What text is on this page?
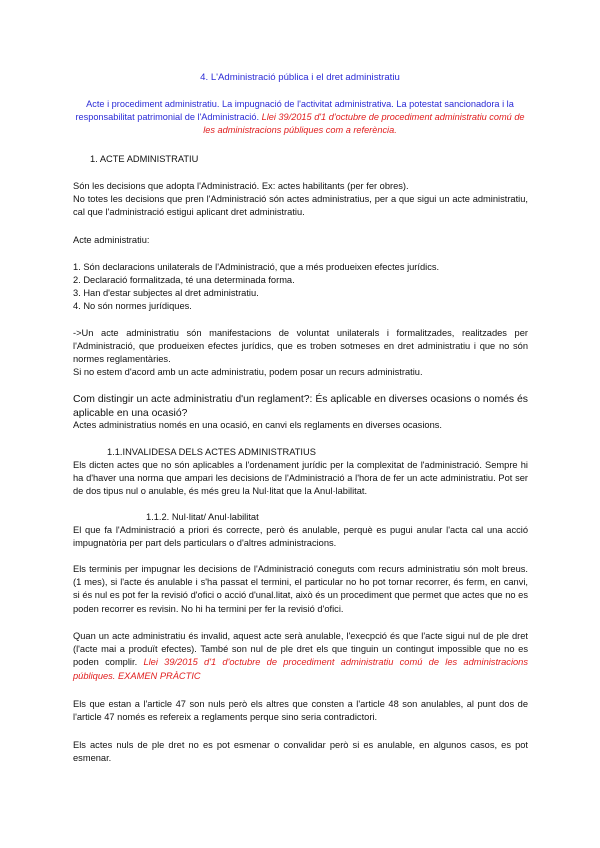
4. L'Administració pública i el dret administratiu
Acte i procediment administratiu. La impugnació de l'activitat administrativa. La potestat sancionadora i la responsabilitat patrimonial de l'Administració. Llei 39/2015 d'1 d'octubre de procediment administratiu comú de les administracions públiques com a referència.
1. ACTE ADMINISTRATIU
Són les decisions que adopta l'Administració. Ex: actes habilitants (per fer obres).
No totes les decisions que pren l'Administració són actes administratius, per a que sigui un acte administratiu, cal que l'administració estigui aplicant dret administratiu.
Acte administratiu:
1. Són declaracions unilaterals de l'Administració, que a més produeixen efectes jurídics.
2. Declaració formalitzada, té una determinada forma.
3. Han d'estar subjectes al dret administratiu.
4. No són normes jurídiques.
->Un acte administratiu són manifestacions de voluntat unilaterals i formalitzades, realitzades per l'Administració, que produeixen efectes jurídics, que es troben sotmeses en dret administratiu i que no són normes reglamentàries.
Si no estem d'acord amb un acte administratiu, podem posar un recurs administratiu.
Com distingir un acte administratiu d'un reglament?: És aplicable en diverses ocasions o només és aplicable en una ocasió?
Actes administratius només en una ocasió, en canvi els reglaments en diverses ocasions.
1.1.INVALIDESA DELS ACTES ADMINISTRATIUS
Els dicten actes que no són aplicables a l'ordenament jurídic per la complexitat de l'administració. Sempre hi ha d'haver una norma que ampari les decisions de l'Administració a l'hora de fer un acte administratiu. Pot ser de dos tipus nul o anulable, és més greu la Nul·litat que la Anul·labilitat.
1.1.2. Nul·litat/ Anul·labilitat
El que fa l'Administració a priori és correcte, però és anulable, perquè es pugui anular l'acta cal una acció impugnatòria per part dels particulars o d'altres administracions.
Els terminis per impugnar les decisions de l'Administració coneguts com recurs administratiu són molt breus. (1 mes), si l'acte és anulable i s'ha passat el termini, el particular no ho pot tornar recorrer, és ferm, en canvi, si és nul es pot fer la revisió d'ofici o acció d'unal.litat, això és un procediment que permet que actes que no es poden recorrer es revisin. No hi ha termini per fer la revisió d'ofici.
Quan un acte administratiu és invalid, aquest acte serà anulable, l'execpció és que l'acte sigui nul de ple dret (l'acte mai a produït efectes). També son nul de ple dret els que tinguin un contingut impossible que no es poden complir. Llei 39/2015 d'1 d'octubre de procediment administratiu comú de les administracions públiques. EXAMEN PRÀCTIC
Els que estan a l'article 47 son nuls però els altres que consten a l'article 48 son anulables, al punt dos de l'article 47 només es refereix a reglaments perque sino seria contradictori.
Els actes nuls de ple dret no es pot esmenar o convalidar però si es anulable, en algunos casos, es pot esmenar.
